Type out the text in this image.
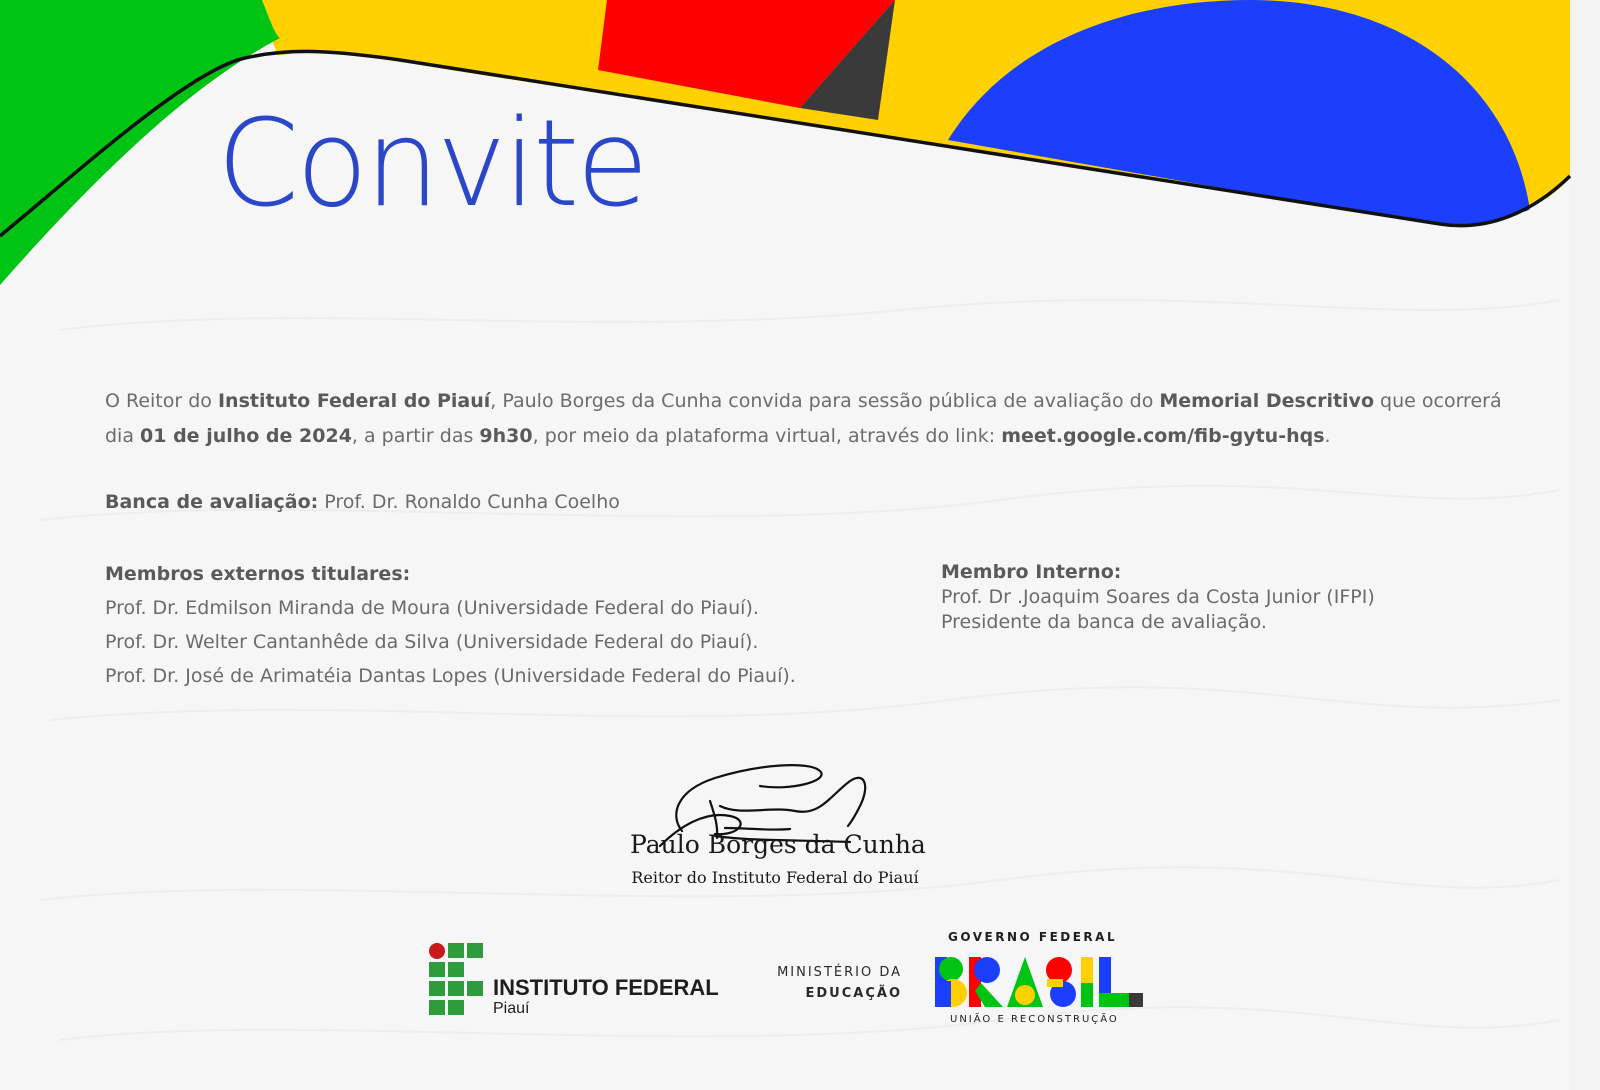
Convite
O Reitor do Instituto Federal do Piauí, Paulo Borges da Cunha convida para sessão pública de avaliação do Memorial Descritivo que ocorrerá dia 01 de julho de 2024, a partir das 9h30, por meio da plataforma virtual, através do link: meet.google.com/fib-gytu-hqs.
Banca de avaliação: Prof. Dr. Ronaldo Cunha Coelho
Membros externos titulares:
Prof. Dr. Edmilson Miranda de Moura (Universidade Federal do Piauí).
Prof. Dr. Welter Cantanhêde da Silva (Universidade Federal do Piauí).
Prof. Dr. José de Arimatéia Dantas Lopes (Universidade Federal do Piauí).
Membro Interno:
Prof. Dr .Joaquim Soares da Costa Junior (IFPI)
Presidente da banca de avaliação.
Paulo Borges da Cunha
Reitor do Instituto Federal do Piauí
INSTITUTO FEDERAL
Piauí
MINISTÉRIO DA
EDUCAÇÃO
GOVERNO FEDERAL
UNIÃO E RECONSTRUÇÃO
